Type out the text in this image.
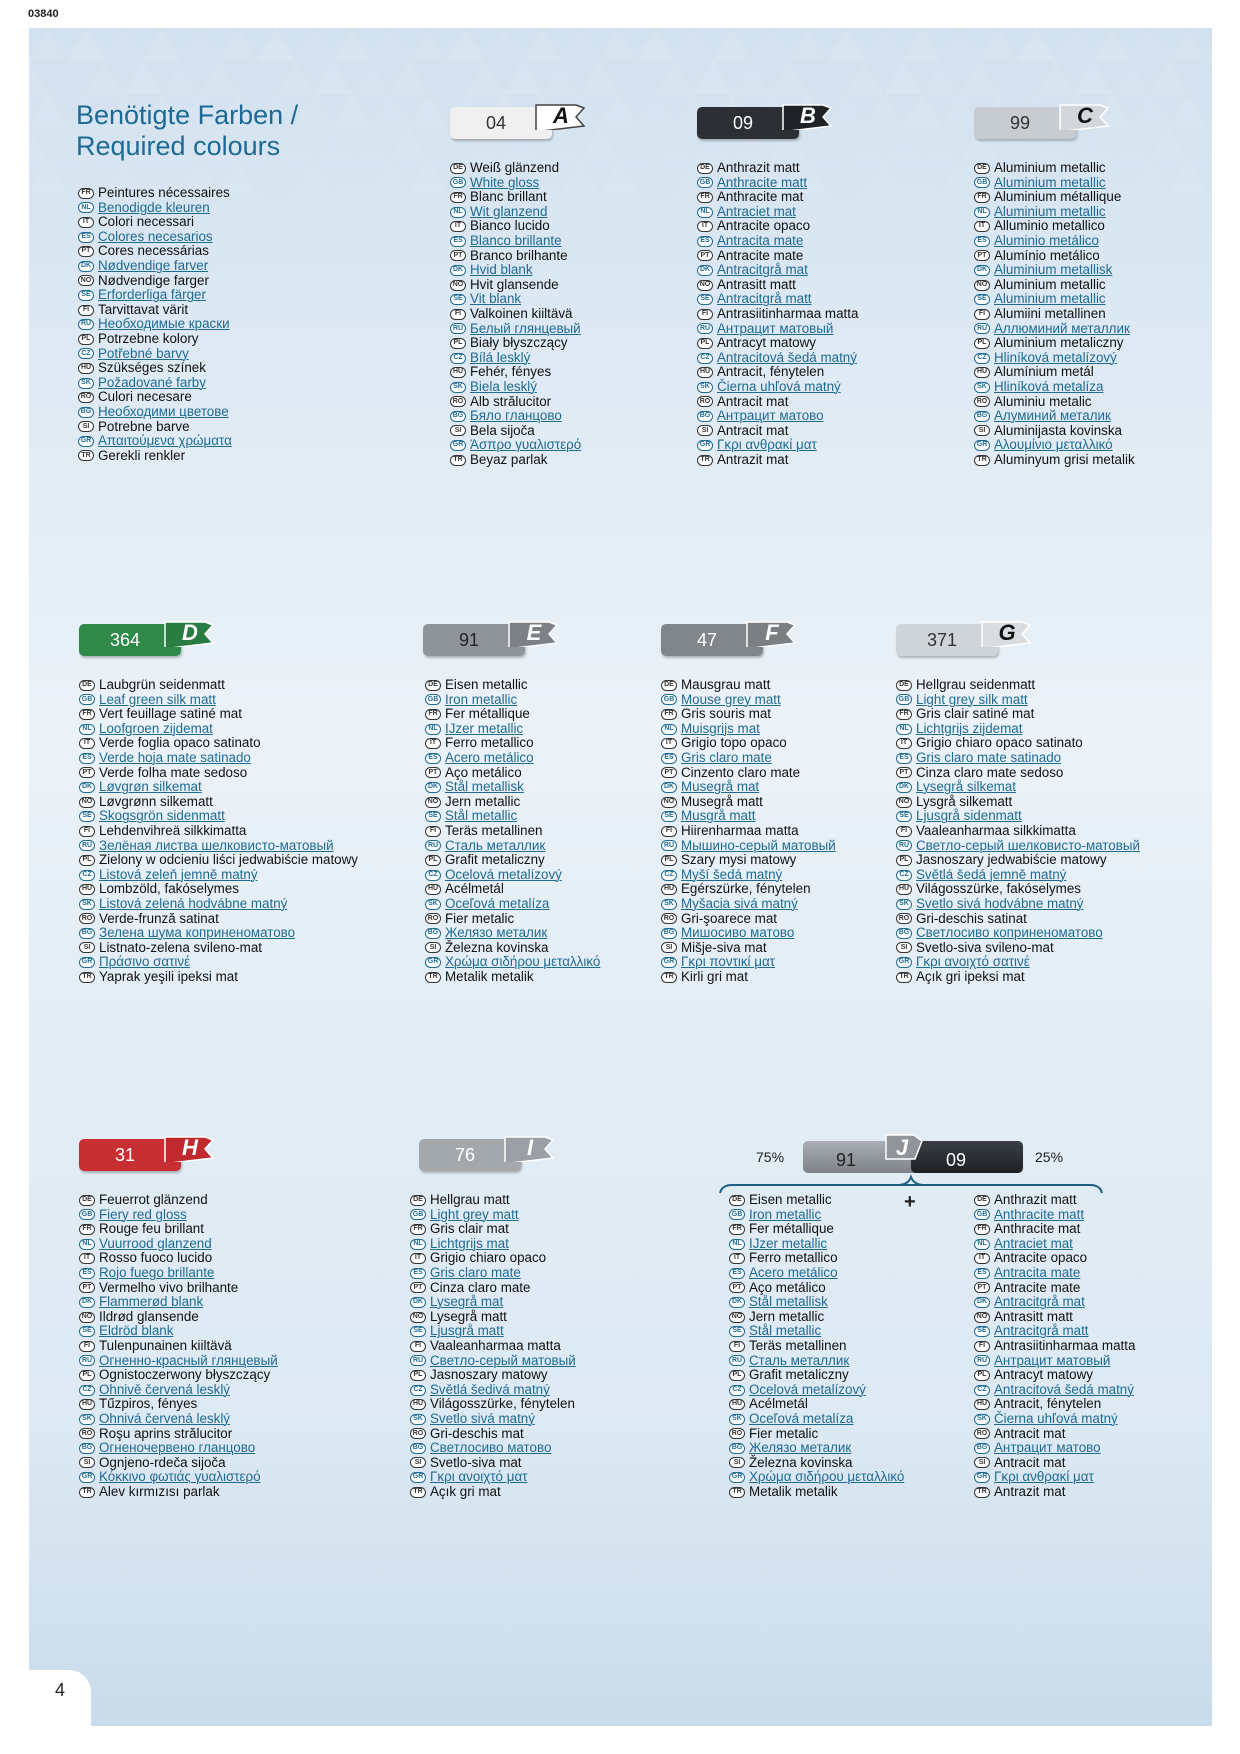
03840
Benötigte Farben /
Required colours
04	A	09	B	99	C
364	D	91	E	47	F	371	G
31	H	76	I	75%	25%
J
91	09
+
FR Peintures nécessaires
NL Benodigde kleuren
IT Colori necessari
ES Colores necesarios
PT Cores necessárias
DK Nødvendige farver
NO Nødvendige farger
SE Erforderliga färger
FI Tarvittavat värit
RU Необходимые краски
PL Potrzebne kolory
CZ Potřebné barvy
HU Szükséges színek
SK Požadované farby
RO Culori necesare
BG Необходими цветове
SI Potrebne barve
GR Απαιτούμενα χρώματα
TR Gerekli renkler
DE Weiß glänzend
GB White gloss
FR Blanc brillant
NL Wit glanzend
IT Bianco lucido
ES Blanco brillante
PT Branco brilhante
DK Hvid blank
NO Hvit glansende
SE Vit blank
FI Valkoinen kiiltävä
RU Белый глянцевый
PL Biały błyszczący
CZ Bílá lesklý
HU Fehér, fényes
SK Biela lesklý
RO Alb strălucitor
BG Бяло гланцово
SI Bela sijoča
GR Άσπρο γυαλιστερό
TR Beyaz parlak
DE Anthrazit matt
GB Anthracite matt
FR Anthracite mat
NL Antraciet mat
IT Antracite opaco
ES Antracita mate
PT Antracite mate
DK Antracitgrå mat
NO Antrasitt matt
SE Antracitgrå matt
FI Antrasiitinharmaa matta
RU Антрацит матовый
PL Antracyt matowy
CZ Antracitová šedá matný
HU Antracit, fénytelen
SK Čierna uhľová matný
RO Antracit mat
BG Антрацит матово
SI Antracit mat
GR Γκρι ανθρακί ματ
TR Antrazit mat
DE Aluminium metallic
GB Aluminium metallic
FR Aluminium métallique
NL Aluminium metallic
IT Alluminio metallico
ES Aluminio metálico
PT Alumínio metálico
DK Aluminium metallisk
NO Aluminium metallic
SE Aluminium metallic
FI Alumiini metallinen
RU Аллюминий металлик
PL Aluminium metaliczny
CZ Hliníková metalízový
HU Alumínium metál
SK Hliníková metalíza
RO Aluminiu metalic
BG Алуминий металик
SI Aluminijasta kovinska
GR Αλουμίνιο μεταλλικό
TR Aluminyum grisi metalik
DE Laubgrün seidenmatt
GB Leaf green silk matt
FR Vert feuillage satiné mat
NL Loofgroen zijdemat
IT Verde foglia opaco satinato
ES Verde hoja mate satinado
PT Verde folha mate sedoso
DK Løvgrøn silkemat
NO Løvgrønn silkematt
SE Skogsgrön sidenmatt
FI Lehdenvihreä silkkimatta
RU Зелёная листва шелковисто-матовый
PL Zielony w odcieniu liści jedwabiście matowy
CZ Listová zeleň jemně matný
HU Lombzöld, fakóselymes
SK Listová zelená hodvábne matný
RO Verde-frunză satinat
BG Зелена шума коприненоматово
SI Listnato-zelena svileno-mat
GR Πράσινο σατινέ
TR Yaprak yeşili ipeksi mat
DE Eisen metallic
GB Iron metallic
FR Fer métallique
NL IJzer metallic
IT Ferro metallico
ES Acero metálico
PT Aço metálico
DK Stål metallisk
NO Jern metallic
SE Stål metallic
FI Teräs metallinen
RU Сталь металлик
PL Grafit metaliczny
CZ Ocelová metalízový
HU Acélmetál
SK Oceľová metalíza
RO Fier metalic
BG Желязо металик
SI Železna kovinska
GR Χρώμα σιδήρου μεταλλικό
TR Metalik metalik
DE Mausgrau matt
GB Mouse grey matt
FR Gris souris mat
NL Muisgrijs mat
IT Grigio topo opaco
ES Gris claro mate
PT Cinzento claro mate
DK Musegrå mat
NO Musegrå matt
SE Musgrå matt
FI Hiirenharmaa matta
RU Мышино-серый матовый
PL Szary mysi matowy
CZ Myší šedá matný
HU Egérszürke, fénytelen
SK Myšacia sivá matný
RO Gri-şoarece mat
BG Мишосиво матово
SI Mišje-siva mat
GR Γκρι ποντικί ματ
TR Kirli gri mat
DE Hellgrau seidenmatt
GB Light grey silk matt
FR Gris clair satiné mat
NL Lichtgrijs zijdemat
IT Grigio chiaro opaco satinato
ES Gris claro mate satinado
PT Cinza claro mate sedoso
DK Lysegrå silkemat
NO Lysgrå silkematt
SE Ljusgrå sidenmatt
FI Vaaleanharmaa silkkimatta
RU Светло-серый шелковисто-матовый
PL Jasnoszary jedwabiście matowy
CZ Světlá šedá jemně matný
HU Világosszürke, fakóselymes
SK Svetlo sivá hodvábne matný
RO Gri-deschis satinat
BG Светлосиво коприненоматово
SI Svetlo-siva svileno-mat
GR Γκρι ανοιχτό σατινέ
TR Açık gri ipeksi mat
DE Feuerrot glänzend
GB Fiery red gloss
FR Rouge feu brillant
NL Vuurrood glanzend
IT Rosso fuoco lucido
ES Rojo fuego brillante
PT Vermelho vivo brilhante
DK Flammerød blank
NO Ildrød glansende
SE Eldröd blank
FI Tulenpunainen kiiltävä
RU Огненно-красный глянцевый
PL Ognistoczerwony błyszczący
CZ Ohnivě červená lesklý
HU Tűzpiros, fényes
SK Ohnivá červená lesklý
RO Roşu aprins strălucitor
BG Огненочервено гланцово
SI Ognjeno-rdeča sijoča
GR Κόκκινο φωτιάς γυαλιστερό
TR Alev kırmızısı parlak
DE Hellgrau matt
GB Light grey matt
FR Gris clair mat
NL Lichtgrijs mat
IT Grigio chiaro opaco
ES Gris claro mate
PT Cinza claro mate
DK Lysegrå mat
NO Lysegrå matt
SE Ljusgrå matt
FI Vaaleanharmaa matta
RU Светло-серый матовый
PL Jasnoszary matowy
CZ Světlá šedivá matný
HU Világosszürke, fénytelen
SK Svetlo sivá matný
RO Gri-deschis mat
BG Светлосиво матово
SI Svetlo-siva mat
GR Γκρι ανοιχτό ματ
TR Açık gri mat
DE Eisen metallic
GB Iron metallic
FR Fer métallique
NL IJzer metallic
IT Ferro metallico
ES Acero metálico
PT Aço metálico
DK Stål metallisk
NO Jern metallic
SE Stål metallic
FI Teräs metallinen
RU Сталь металлик
PL Grafit metaliczny
CZ Ocelová metalízový
HU Acélmetál
SK Oceľová metalíza
RO Fier metalic
BG Желязо металик
SI Železna kovinska
GR Χρώμα σιδήρου μεταλλικό
TR Metalik metalik
DE Anthrazit matt
GB Anthracite matt
FR Anthracite mat
NL Antraciet mat
IT Antracite opaco
ES Antracita mate
PT Antracite mate
DK Antracitgrå mat
NO Antrasitt matt
SE Antracitgrå matt
FI Antrasiitinharmaa matta
RU Антрацит матовый
PL Antracyt matowy
CZ Antracitová šedá matný
HU Antracit, fénytelen
SK Čierna uhľová matný
RO Antracit mat
BG Антрацит матово
SI Antracit mat
GR Γκρι ανθρακί ματ
TR Antrazit mat
4
